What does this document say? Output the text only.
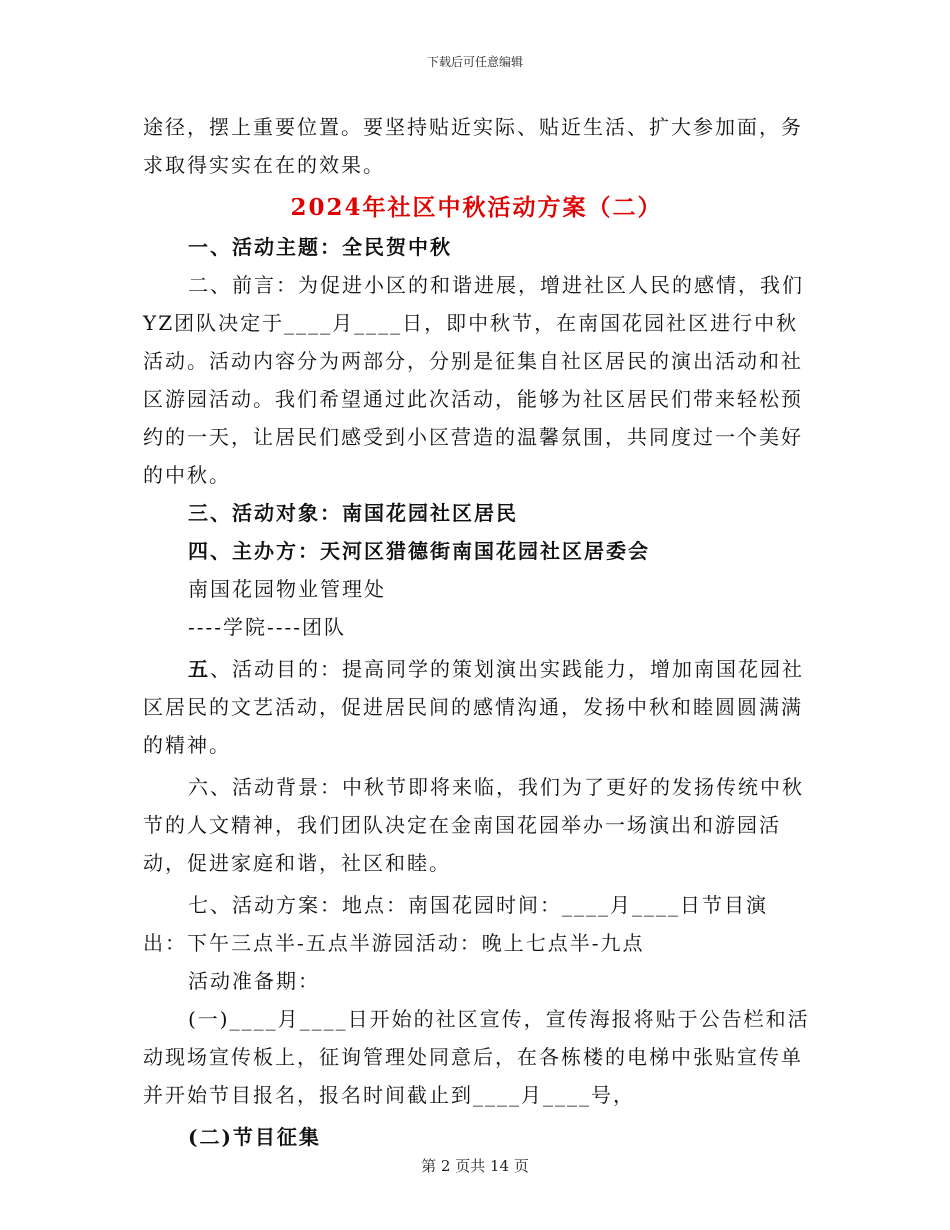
下载后可任意编辑

途径，摆上重要位置。要坚持贴近实际、贴近生活、扩大参加面，务求取得实实在在的效果。

2024年社区中秋活动方案（二）

一、活动主题：全民贺中秋

二、前言：为促进小区的和谐进展，增进社区人民的感情，我们YZ团队决定于____月____日，即中秋节，在南国花园社区进行中秋活动。活动内容分为两部分，分别是征集自社区居民的演出活动和社区游园活动。我们希望通过此次活动，能够为社区居民们带来轻松预约的一天，让居民们感受到小区营造的温馨氛围，共同度过一个美好的中秋。

三、活动对象：南国花园社区居民

四、主办方：天河区猎德街南国花园社区居委会

南国花园物业管理处

----学院----团队

五、活动目的：提高同学的策划演出实践能力，增加南国花园社区居民的文艺活动，促进居民间的感情沟通，发扬中秋和睦圆圆满满的精神。

六、活动背景：中秋节即将来临，我们为了更好的发扬传统中秋节的人文精神，我们团队决定在金南国花园举办一场演出和游园活动，促进家庭和谐，社区和睦。

七、活动方案：地点：南国花园时间：____月____日节目演出：下午三点半-五点半游园活动：晚上七点半-九点

活动准备期：

(一)____月____日开始的社区宣传，宣传海报将贴于公告栏和活动现场宣传板上，征询管理处同意后，在各栋楼的电梯中张贴宣传单并开始节目报名，报名时间截止到____月____号，

(二)节目征集

第 2 页共 14 页
